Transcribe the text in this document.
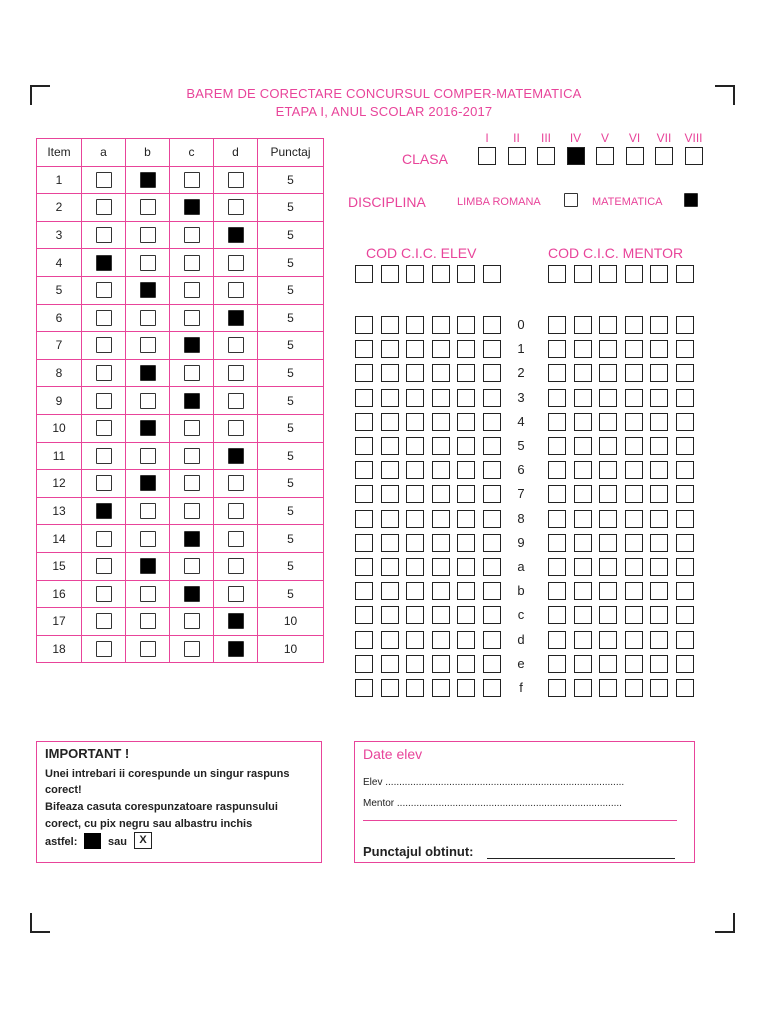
BAREM DE CORECTARE CONCURSUL COMPER-MATEMATICA
ETAPA I, ANUL SCOLAR 2016-2017
Item	a	b	c	d	Punctaj
1					5
2					5
3					5
4					5
5					5
6					5
7					5
8					5
9					5
10					5
11					5
12					5
13					5
14					5
15					5
16					5
17					10
18					10
CLASA
I	II	III	IV	V	VI	VII	VIII
DISCIPLINA	LIMBA ROMANA	MATEMATICA
COD C.I.C. ELEV	COD C.I.C. MENTOR
0
1
2
3
4
5
6
7
8
9
a
b
c
d
e
f
IMPORTANT !
Unei intrebari ii corespunde un singur raspuns
corect!
Bifeaza casuta corespunzatoare raspunsului
corect, cu pix negru sau albastru inchis
astfel:	sau	X
Date elev
Elev ......................................................................................
Mentor .................................................................................
Punctajul obtinut:
